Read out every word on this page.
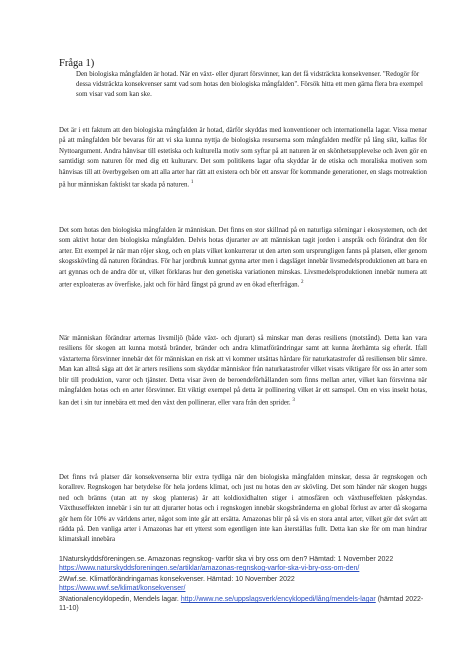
Fråga 1)
Den biologiska mångfalden är hotad. När en växt- eller djurart försvinner, kan det få vidsträckta konsekvenser. "Redogör för dessa vidsträckta konsekvenser samt vad som hotas den biologiska mångfalden". Försök hitta ett men gärna flera bra exempel som visar vad som kan ske.
Det är i ett faktum att den biologiska mångfalden är hotad, därför skyddas med konventioner och internationella lagar. Vissa menar på att mångfalden bör bevaras för att vi ska kunna nyttja de biologiska resurserna som mångfalden medför på lång sikt, kallas för Nyttoargument. Andra hänvisar till estetiska och kulturella motiv som syftar på att naturen är en skönhetsupplevelse och även gör en samtidigt som naturen för med dig ett kulturarv. Det som politikens lagar ofta skyddar är de etiska och moraliska motiven som hänvisas till att överbygelsen om att alla arter har rätt att existera och bör ett ansvar för kommande generationer, en slags motreaktion på hur människan faktiskt tar skada på naturen. $^1$
Det som hotas den biologiska mångfalden är människan. Det finns en stor skillnad på en naturliga störningar i ekosystemen, och det som aktivt hotar den biologiska mångfalden. Delvis hotas djurarter av att människan tagit jorden i anspråk och förändrat den för arter. Ett exempel är när man röjer skog, och en plats vilket konkurrerar ut den arten som ursprungligen fanns på platsen, eller genom skogsskövling då naturen förändras. För har jordbruk kunnat gynna arter men i dagsläget innebär livsmedelsproduktionen att bara en art gynnas och de andra dör ut, vilket förklaras hur den genetiska variationen minskas. Livsmedelsproduktionen innebär numera att arter exploateras av överfiske, jakt och för hård fångst på grund av en ökad efterfrågan. $^2$
När människan förändrar arternas livsmiljö (både växt- och djurart) så minskar man deras resiliens (motstånd). Detta kan vara resiliens för skogen att kunna motstå bränder, bränder och andra klimatförändringar samt att kunna återhämta sig efteråt. Ifall växtarterna försvinner innebär det för människan en risk att vi kommer utsättas hårdare för naturkatastrofer då resiliensen blir sämre. Man kan alltså säga att det är arters resiliens som skyddar människor från naturkatastrofer vilket visats viktigare för oss än arter som blir till produktion, varor och tjänster. Detta visar även de beroendeförhållanden som finns mellan arter, vilket kan försvinna när mångfalden hotas och en arter försvinner. Ett viktigt exempel på detta är pollinering vilket är ett samspel. Om en viss insekt hotas, kan det i sin tur innebära ett med den växt den pollinerar, eller vara från den sprider. $^3$
Det finns två platser där konsekvenserna blir extra tydliga när den biologiska mångfalden minskar, dessa är regnskogen och korallrev. Regnskogen har betydelse för hela jordens klimat, och just nu hotas den av skövling. Det som händer när skogen huggs ned och bränns (utan att ny skog planteras) är att koldioxidhalten stiger i atmosfären och växthuseffekten påskyndas. Växthuseffekten innebär i sin tur att djurarter hotas och i regnskogen innebär skogsbränderna en global förlust av arter då skogarna gör hem för 10% av världens arter, något som inte går att ersätta. Amazonas blir på så vis en stora antal arter, vilket gör det svårt att rädda på. Den vanliga arter i Amazonas har ett ytterst som egentligen inte kan återställas fullt. Detta kan ske för om man hindrar klimatskall innebära
1Naturskyddsföreningen.se. Amazonas regnskog- varför ska vi bry oss om den? Hämtad: 1 November 2022
https://www.naturskyddsforeningen.se/artiklar/amazonas-regnskog-varfor-ska-vi-bry-oss-om-den/
2Wwf.se. Klimatförändringarnas konsekvenser. Hämtad: 10 November 2022
https://www.wwf.se/klimat/konsekvenser/
3Nationalencyklopedin, Mendels lagar. http://www.ne.se/uppslagsverk/encyklopedi/lång/mendels-lagar (hämtad 2022-11-10)
